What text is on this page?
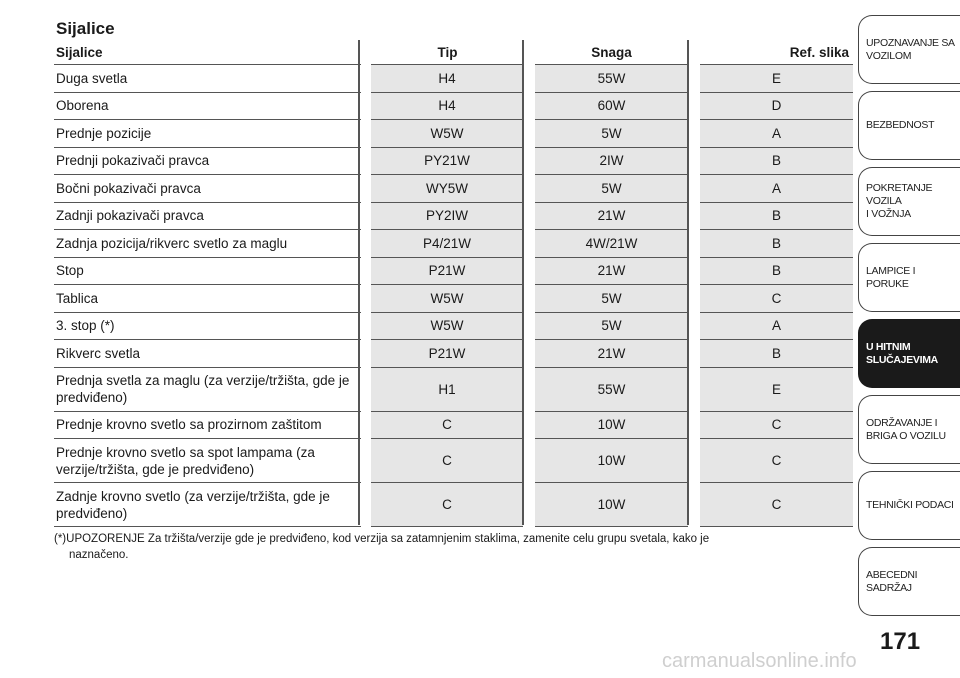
Sijalice
Sijalice	Tip	Snaga	Ref. slika
Duga svetla	H4	55W	E
Oborena	H4	60W	D
Prednje pozicije	W5W	5W	A
Prednji pokazivači pravca	PY21W	2IW	B
Bočni pokazivači pravca	WY5W	5W	A
Zadnji pokazivači pravca	PY2IW	21W	B
Zadnja pozicija/rikverc svetlo za maglu	P4/21W	4W/21W	B
Stop	P21W	21W	B
Tablica	W5W	5W	C
3. stop (*)	W5W	5W	A
Rikverc svetla	P21W	21W	B
Prednja svetla za maglu (za verzije/tržišta, gde je predviđeno)	H1	55W	E
Prednje krovno svetlo sa prozirnom zaštitom	C	10W	C
Prednje krovno svetlo sa spot lampama (za verzije/tržišta, gde je predviđeno)	C	10W	C
Zadnje krovno svetlo (za verzije/tržišta, gde je predviđeno)	C	10W	C
(*)UPOZORENJE Za tržišta/verzije gde je predviđeno, kod verzija sa zatamnjenim staklima, zamenite celu grupu svetala, kako je
naznačeno.
UPOZNAVANJE SA
VOZILOM
BEZBEDNOST
POKRETANJE VOZILA
I VOŽNJA
LAMPICE I PORUKE
U HITNIM
SLUČAJEVIMA
ODRŽAVANJE I
BRIGA O VOZILU
TEHNIČKI PODACI
ABECEDNI SADRŽAJ
171
carmanualsonline.info
